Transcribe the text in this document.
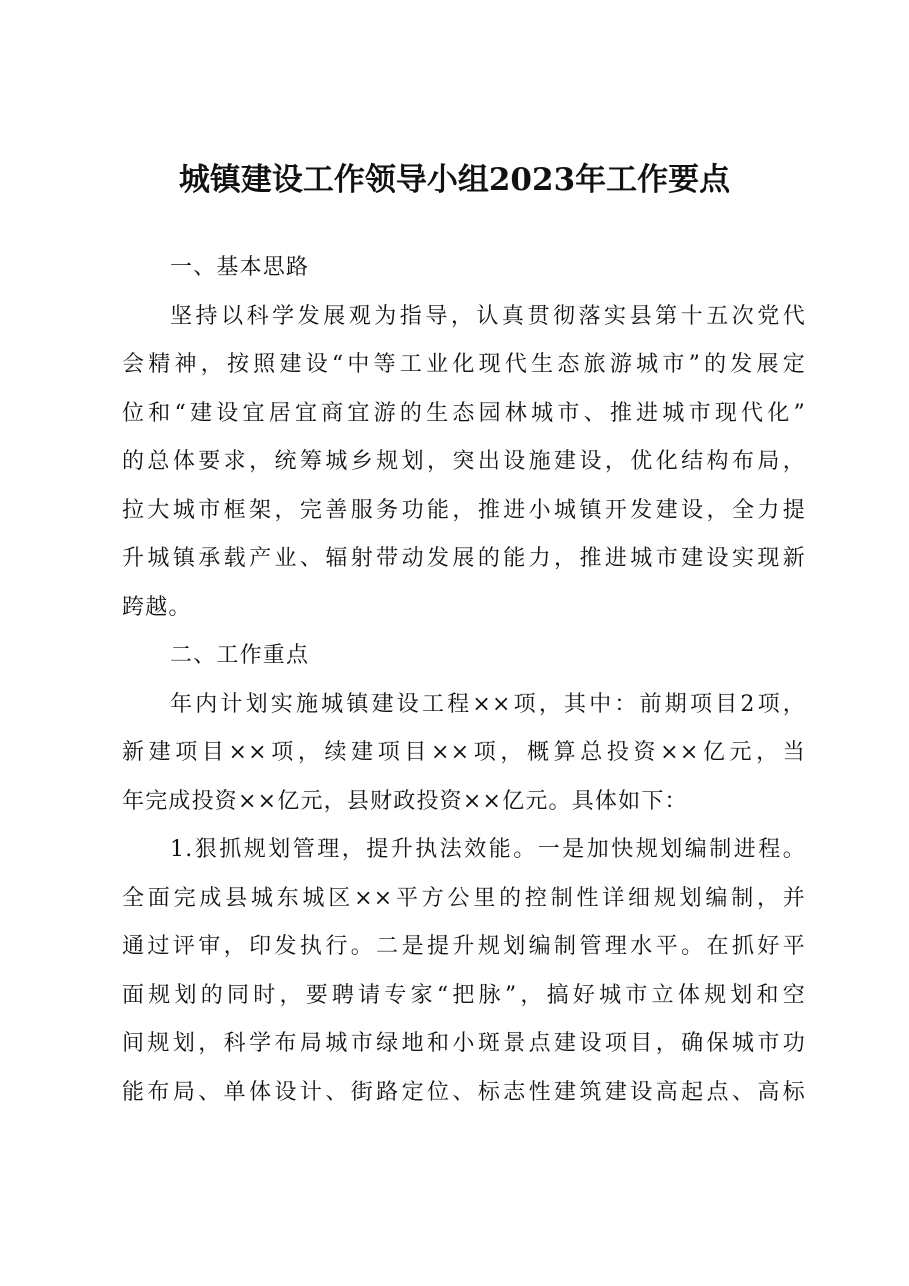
城镇建设工作领导小组2023年工作要点

一、基本思路

坚持以科学发展观为指导，认真贯彻落实县第十五次党代

会精神，按照建设“中等工业化现代生态旅游城市”的发展定

位和“建设宜居宜商宜游的生态园林城市、推进城市现代化”

的总体要求，统筹城乡规划，突出设施建设，优化结构布局，

拉大城市框架，完善服务功能，推进小城镇开发建设，全力提

升城镇承载产业、辐射带动发展的能力，推进城市建设实现新

跨越。

二、工作重点

年内计划实施城镇建设工程××项，其中：前期项目2项，

新建项目××项，续建项目××项，概算总投资××亿元，当

年完成投资××亿元，县财政投资××亿元。具体如下：

1.狠抓规划管理，提升执法效能。一是加快规划编制进程。

全面完成县城东城区××平方公里的控制性详细规划编制，并

通过评审，印发执行。二是提升规划编制管理水平。在抓好平

面规划的同时，要聘请专家“把脉”，搞好城市立体规划和空

间规划，科学布局城市绿地和小斑景点建设项目，确保城市功

能布局、单体设计、街路定位、标志性建筑建设高起点、高标
